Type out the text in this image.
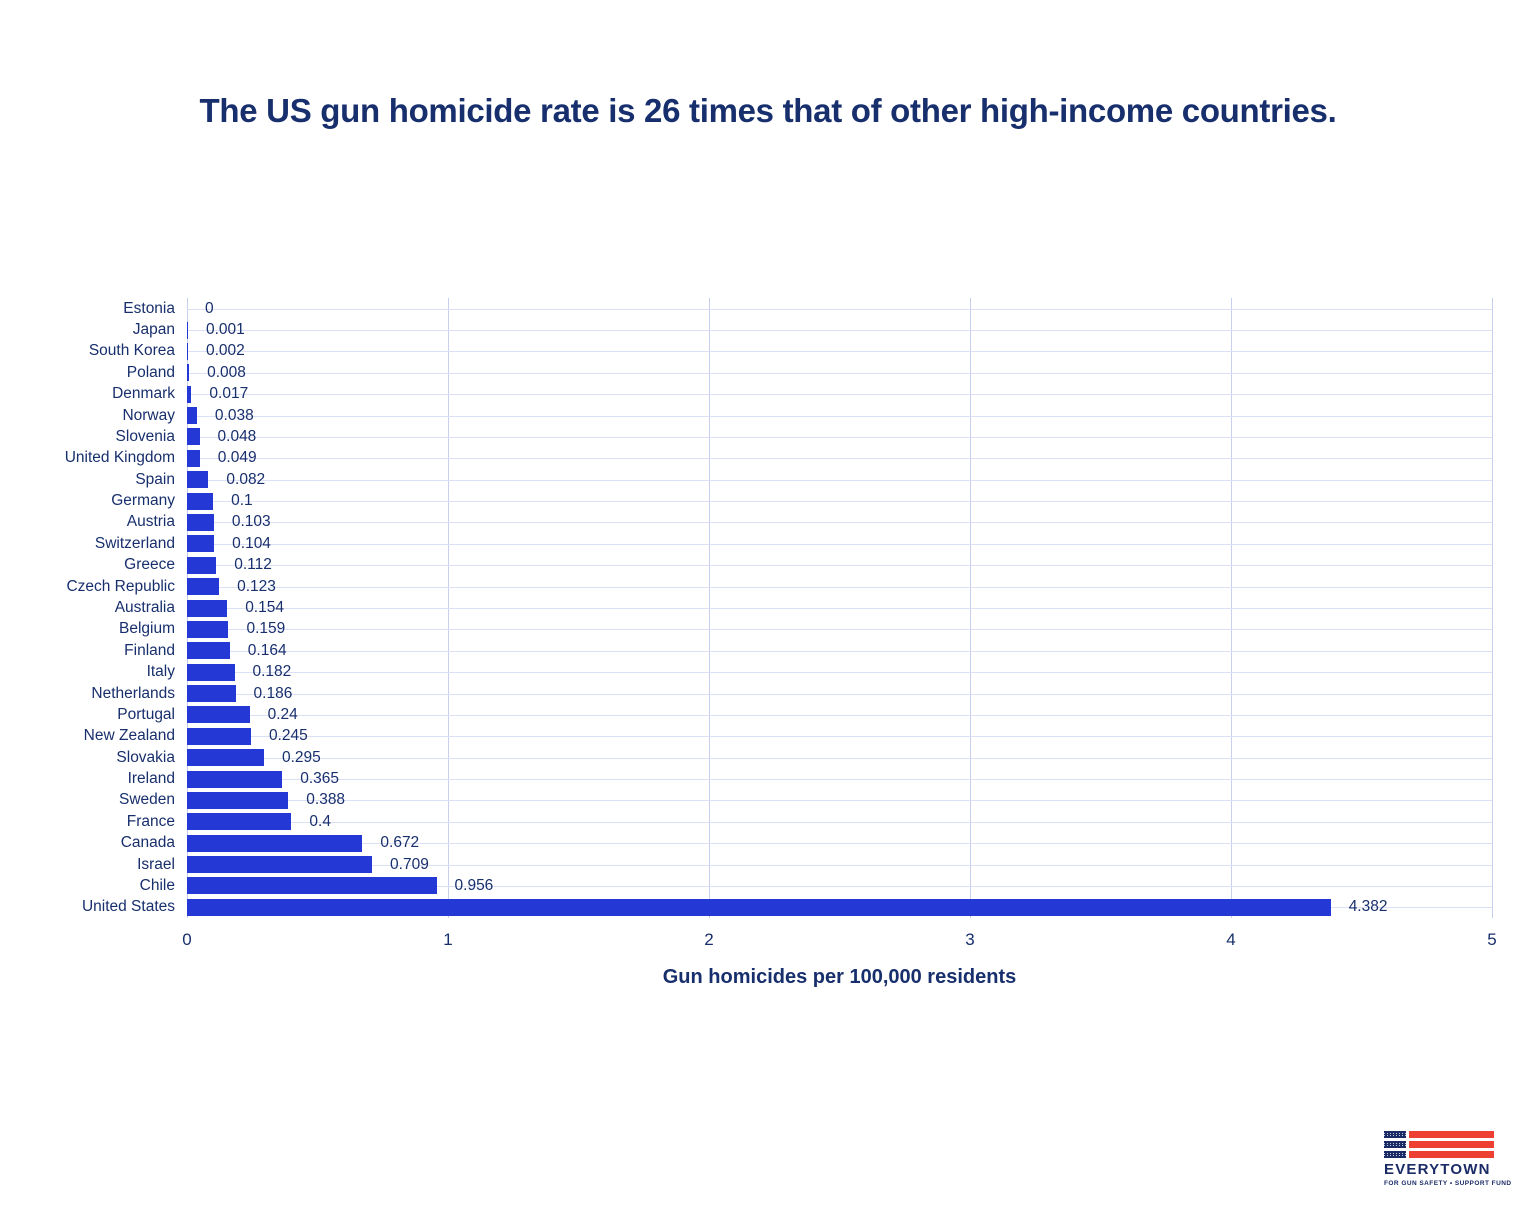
The US gun homicide rate is 26 times that of other high-income countries.
Estonia
Japan
South Korea
Poland
Denmark
Norway
Slovenia
United Kingdom
Spain
Germany
Austria
Switzerland
Greece
Czech Republic
Australia
Belgium
Finland
Italy
Netherlands
Portugal
New Zealand
Slovakia
Ireland
Sweden
France
Canada
Israel
Chile
United States
0
0.001
0.002
0.008
0.017
0.038
0.048
0.049
0.082
0.1
0.103
0.104
0.112
0.123
0.154
0.159
0.164
0.182
0.186
0.24
0.245
0.295
0.365
0.388
0.4
0.672
0.709
0.956
4.382
0	1	2	3	4	5
Gun homicides per 100,000 residents
EVERYTOWN
FOR GUN SAFETY • SUPPORT FUND
